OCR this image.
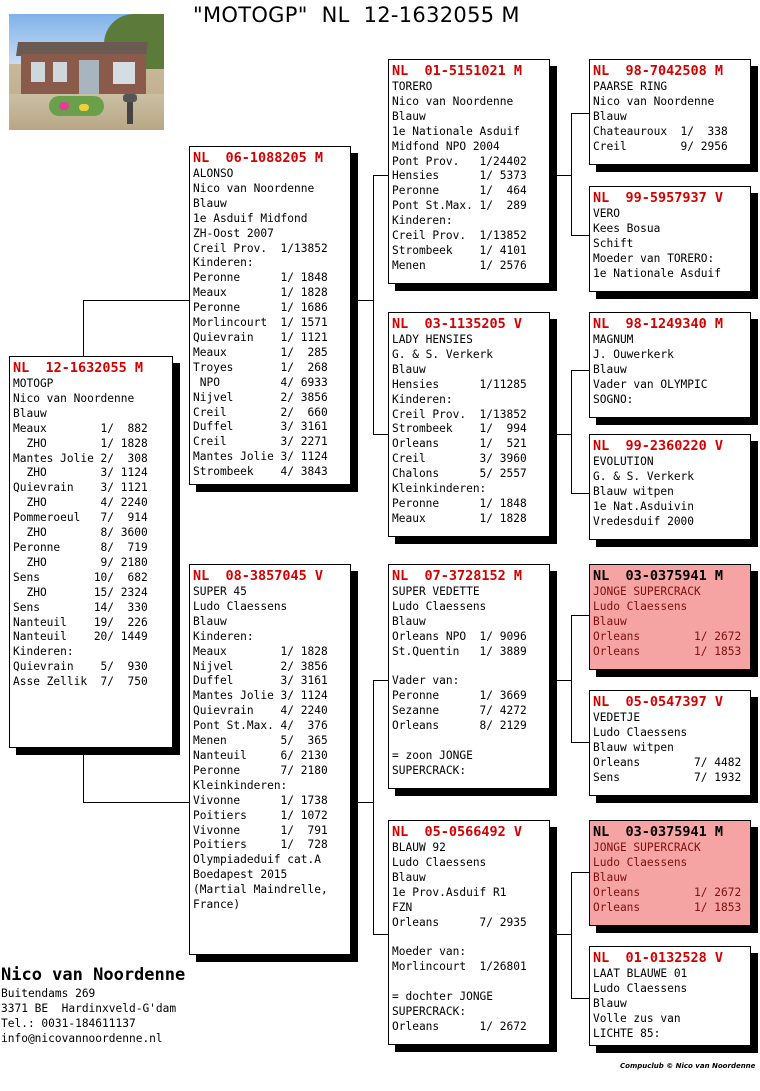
"MOTOGP"  NL  12-1632055 M
NL  12-1632055 M
MOTOGP
Nico van Noordenne
Blauw
Meaux        1/  882
ZHO        1/ 1828
Mantes Jolie 2/  308
ZHO        3/ 1124
Quievrain    3/ 1121
ZHO        4/ 2240
Pommeroeul   7/  914
ZHO        8/ 3600
Peronne      8/  719
ZHO        9/ 2180
Sens        10/  682
ZHO       15/ 2324
Sens        14/  330
Nanteuil    19/  226
Nanteuil    20/ 1449
Kinderen:
Quievrain    5/  930
Asse Zellik  7/  750
NL  06-1088205 M
ALONSO
Nico van Noordenne
Blauw
1e Asduif Midfond
ZH-Oost 2007
Creil Prov.  1/13852
Kinderen:
Peronne      1/ 1848
Meaux        1/ 1828
Peronne      1/ 1686
Morlincourt  1/ 1571
Quievrain    1/ 1121
Meaux        1/  285
Troyes       1/  268
NPO         4/ 6933
Nijvel       2/ 3856
Creil        2/  660
Duffel       3/ 3161
Creil        3/ 2271
Mantes Jolie 3/ 1124
Strombeek    4/ 3843
NL  08-3857045 V
SUPER 45
Ludo Claessens
Blauw
Kinderen:
Meaux        1/ 1828
Nijvel       2/ 3856
Duffel       3/ 3161
Mantes Jolie 3/ 1124
Quievrain    4/ 2240
Pont St.Max. 4/  376
Menen        5/  365
Nanteuil     6/ 2130
Peronne      7/ 2180
Kleinkinderen:
Vivonne      1/ 1738
Poitiers     1/ 1072
Vivonne      1/  791
Poitiers     1/  728
Olympiadeduif cat.A
Boedapest 2015
(Martial Maindrelle,
France)
NL  01-5151021 M
TORERO
Nico van Noordenne
Blauw
1e Nationale Asduif
Midfond NPO 2004
Pont Prov.   1/24402
Hensies      1/ 5373
Peronne      1/  464
Pont St.Max. 1/  289
Kinderen:
Creil Prov.  1/13852
Strombeek    1/ 4101
Menen        1/ 2576
NL  03-1135205 V
LADY HENSIES
G. & S. Verkerk
Blauw
Hensies      1/11285
Kinderen:
Creil Prov.  1/13852
Strombeek    1/  994
Orleans      1/  521
Creil        3/ 3960
Chalons      5/ 2557
Kleinkinderen:
Peronne      1/ 1848
Meaux        1/ 1828
NL  07-3728152 M
SUPER VEDETTE
Ludo Claessens
Blauw
Orleans NPO  1/ 9096
St.Quentin   1/ 3889

Vader van:
Peronne      1/ 3669
Sezanne      7/ 4272
Orleans      8/ 2129

= zoon JONGE
SUPERCRACK:
NL  05-0566492 V
BLAUW 92
Ludo Claessens
Blauw
1e Prov.Asduif R1
FZN
Orleans      7/ 2935

Moeder van:
Morlincourt  1/26801

= dochter JONGE
SUPERCRACK:
Orleans      1/ 2672
NL  98-7042508 M
PAARSE RING
Nico van Noordenne
Blauw
Chateauroux  1/  338
Creil        9/ 2956
NL  99-5957937 V
VERO
Kees Bosua
Schift
Moeder van TORERO:
1e Nationale Asduif
NL  98-1249340 M
MAGNUM
J. Ouwerkerk
Blauw
Vader van OLYMPIC
SOGNO:
NL  99-2360220 V
EVOLUTION
G. & S. Verkerk
Blauw witpen
1e Nat.Asduivin
Vredesduif 2000
NL  03-0375941 M
JONGE SUPERCRACK
Ludo Claessens
Blauw
Orleans        1/ 2672
Orleans        1/ 1853
NL  05-0547397 V
VEDETJE
Ludo Claessens
Blauw witpen
Orleans        7/ 4482
Sens           7/ 1932
NL  03-0375941 M
JONGE SUPERCRACK
Ludo Claessens
Blauw
Orleans        1/ 2672
Orleans        1/ 1853
NL  01-0132528 V
LAAT BLAUWE 01
Ludo Claessens
Blauw
Volle zus van
LICHTE 85:
Nico van Noordenne
Buitendams 269
3371 BE  Hardinxveld-G'dam
Tel.: 0031-184611137
info@nicovannoordenne.nl
Compuclub © Nico van Noordenne
